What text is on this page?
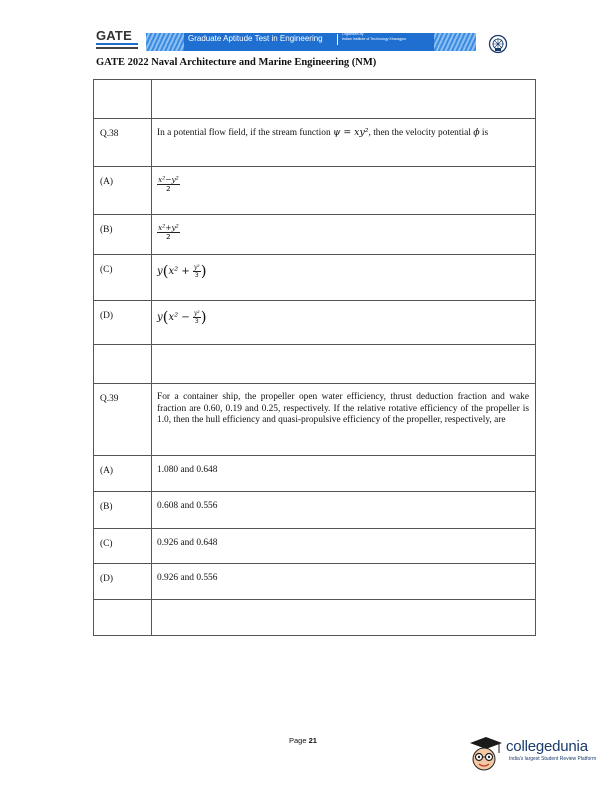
GATE	Graduate Aptitude Test in Engineering	Organised by
Indian Institute of Technology Kharagpur
GATE 2022 Naval Architecture and Marine Engineering (NM)

Q.38	In a potential flow field, if the stream function ψ = xy², then the velocity potential ϕ is

(A)	$\frac{\text{x²−y²}}{2}$

(B)	$\frac{\text{x²+y²}}{2}$

(C)	$y(x^2 + \frac{\text{y²}}{3}$ )

(D)	$y(x^2 - \frac{\text{y²}}{3}$ )

Q.39	For a container ship, the propeller open water efficiency, thrust deduction fraction and wake fraction are 0.60, 0.19 and 0.25, respectively. If the relative rotative efficiency of the propeller is 1.0, then the hull efficiency and quasi-propulsive efficiency of the propeller, respectively, are

(A)	1.080 and 0.648

(B)	0.608 and 0.556

(C)	0.926 and 0.648

(D)	0.926 and 0.556

Page 21	collegedunia
India's largest Student Review Platform
